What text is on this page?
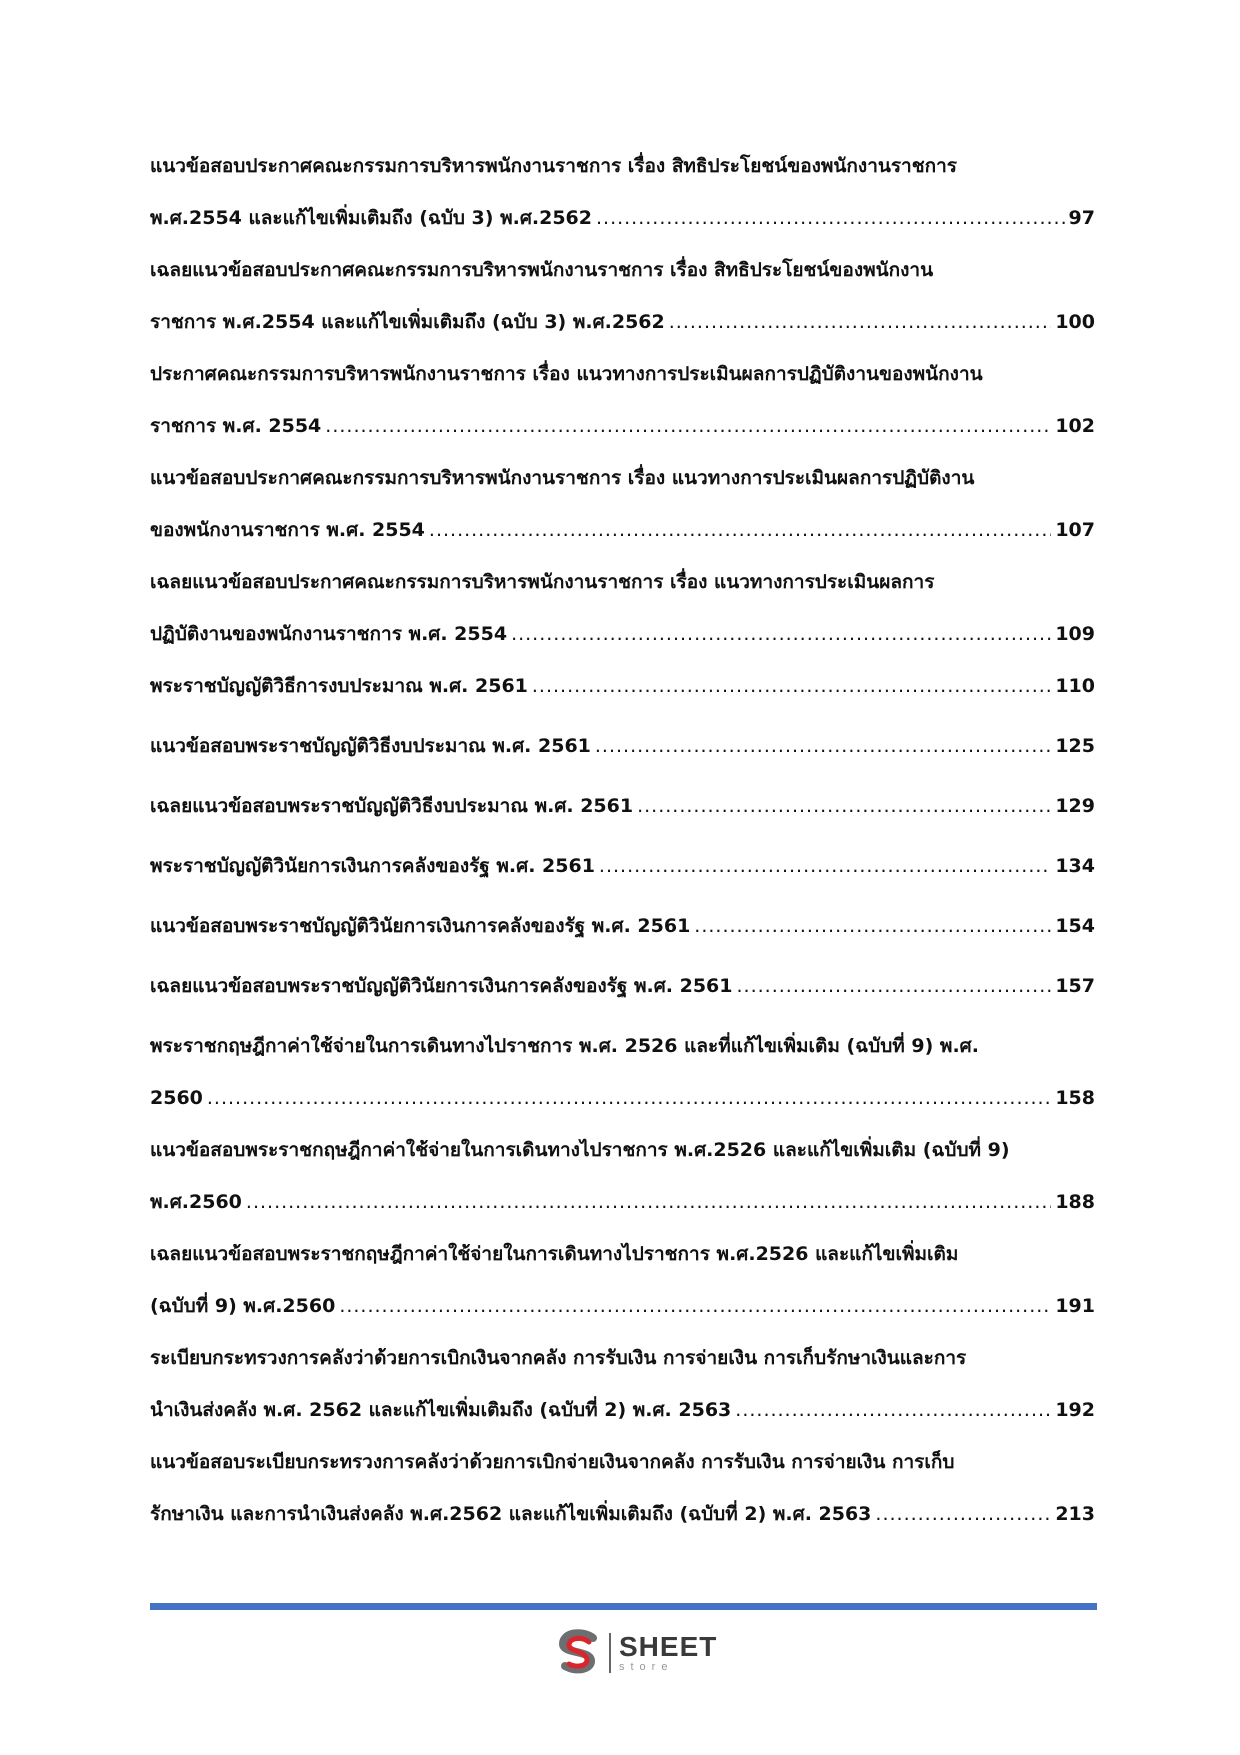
แนวข้อสอบประกาศคณะกรรมการบริหารพนักงานราชการ เรื่อง สิทธิประโยชน์ของพนักงานราชการ
พ.ศ.2554 และแก้ไขเพิ่มเติมถึง (ฉบับ 3) พ.ศ.2562 .....	97
เฉลยแนวข้อสอบประกาศคณะกรรมการบริหารพนักงานราชการ เรื่อง สิทธิประโยชน์ของพนักงาน
ราชการ พ.ศ.2554 และแก้ไขเพิ่มเติมถึง (ฉบับ 3) พ.ศ.2562 .....	100
ประกาศคณะกรรมการบริหารพนักงานราชการ เรื่อง แนวทางการประเมินผลการปฏิบัติงานของพนักงาน
ราชการ พ.ศ. 2554 .....	102
แนวข้อสอบประกาศคณะกรรมการบริหารพนักงานราชการ เรื่อง แนวทางการประเมินผลการปฏิบัติงาน
ของพนักงานราชการ พ.ศ. 2554 .....	107
เฉลยแนวข้อสอบประกาศคณะกรรมการบริหารพนักงานราชการ เรื่อง แนวทางการประเมินผลการ
ปฏิบัติงานของพนักงานราชการ พ.ศ. 2554 .....	109
พระราชบัญญัติวิธีการงบประมาณ พ.ศ. 2561 .....	110
แนวข้อสอบพระราชบัญญัติวิธีงบประมาณ พ.ศ. 2561 .....	125
เฉลยแนวข้อสอบพระราชบัญญัติวิธีงบประมาณ พ.ศ. 2561 .....	129
พระราชบัญญัติวินัยการเงินการคลังของรัฐ พ.ศ. 2561 .....	134
แนวข้อสอบพระราชบัญญัติวินัยการเงินการคลังของรัฐ พ.ศ. 2561 .....	154
เฉลยแนวข้อสอบพระราชบัญญัติวินัยการเงินการคลังของรัฐ พ.ศ. 2561 .....	157
พระราชกฤษฎีกาค่าใช้จ่ายในการเดินทางไปราชการ พ.ศ. 2526 และที่แก้ไขเพิ่มเติม (ฉบับที่ 9) พ.ศ.
2560 .....	158
แนวข้อสอบพระราชกฤษฎีกาค่าใช้จ่ายในการเดินทางไปราชการ พ.ศ.2526 และแก้ไขเพิ่มเติม (ฉบับที่ 9)
พ.ศ.2560 .....	188
เฉลยแนวข้อสอบพระราชกฤษฎีกาค่าใช้จ่ายในการเดินทางไปราชการ พ.ศ.2526 และแก้ไขเพิ่มเติม
(ฉบับที่ 9) พ.ศ.2560 .....	191
ระเบียบกระทรวงการคลังว่าด้วยการเบิกเงินจากคลัง การรับเงิน การจ่ายเงิน การเก็บรักษาเงินและการ
นำเงินส่งคลัง พ.ศ. 2562 และแก้ไขเพิ่มเติมถึง (ฉบับที่ 2) พ.ศ. 2563 .....	192
แนวข้อสอบระเบียบกระทรวงการคลังว่าด้วยการเบิกจ่ายเงินจากคลัง การรับเงิน การจ่ายเงิน การเก็บ
รักษาเงิน และการนำเงินส่งคลัง พ.ศ.2562 และแก้ไขเพิ่มเติมถึง (ฉบับที่ 2) พ.ศ. 2563 .....	213
SHEET
store
